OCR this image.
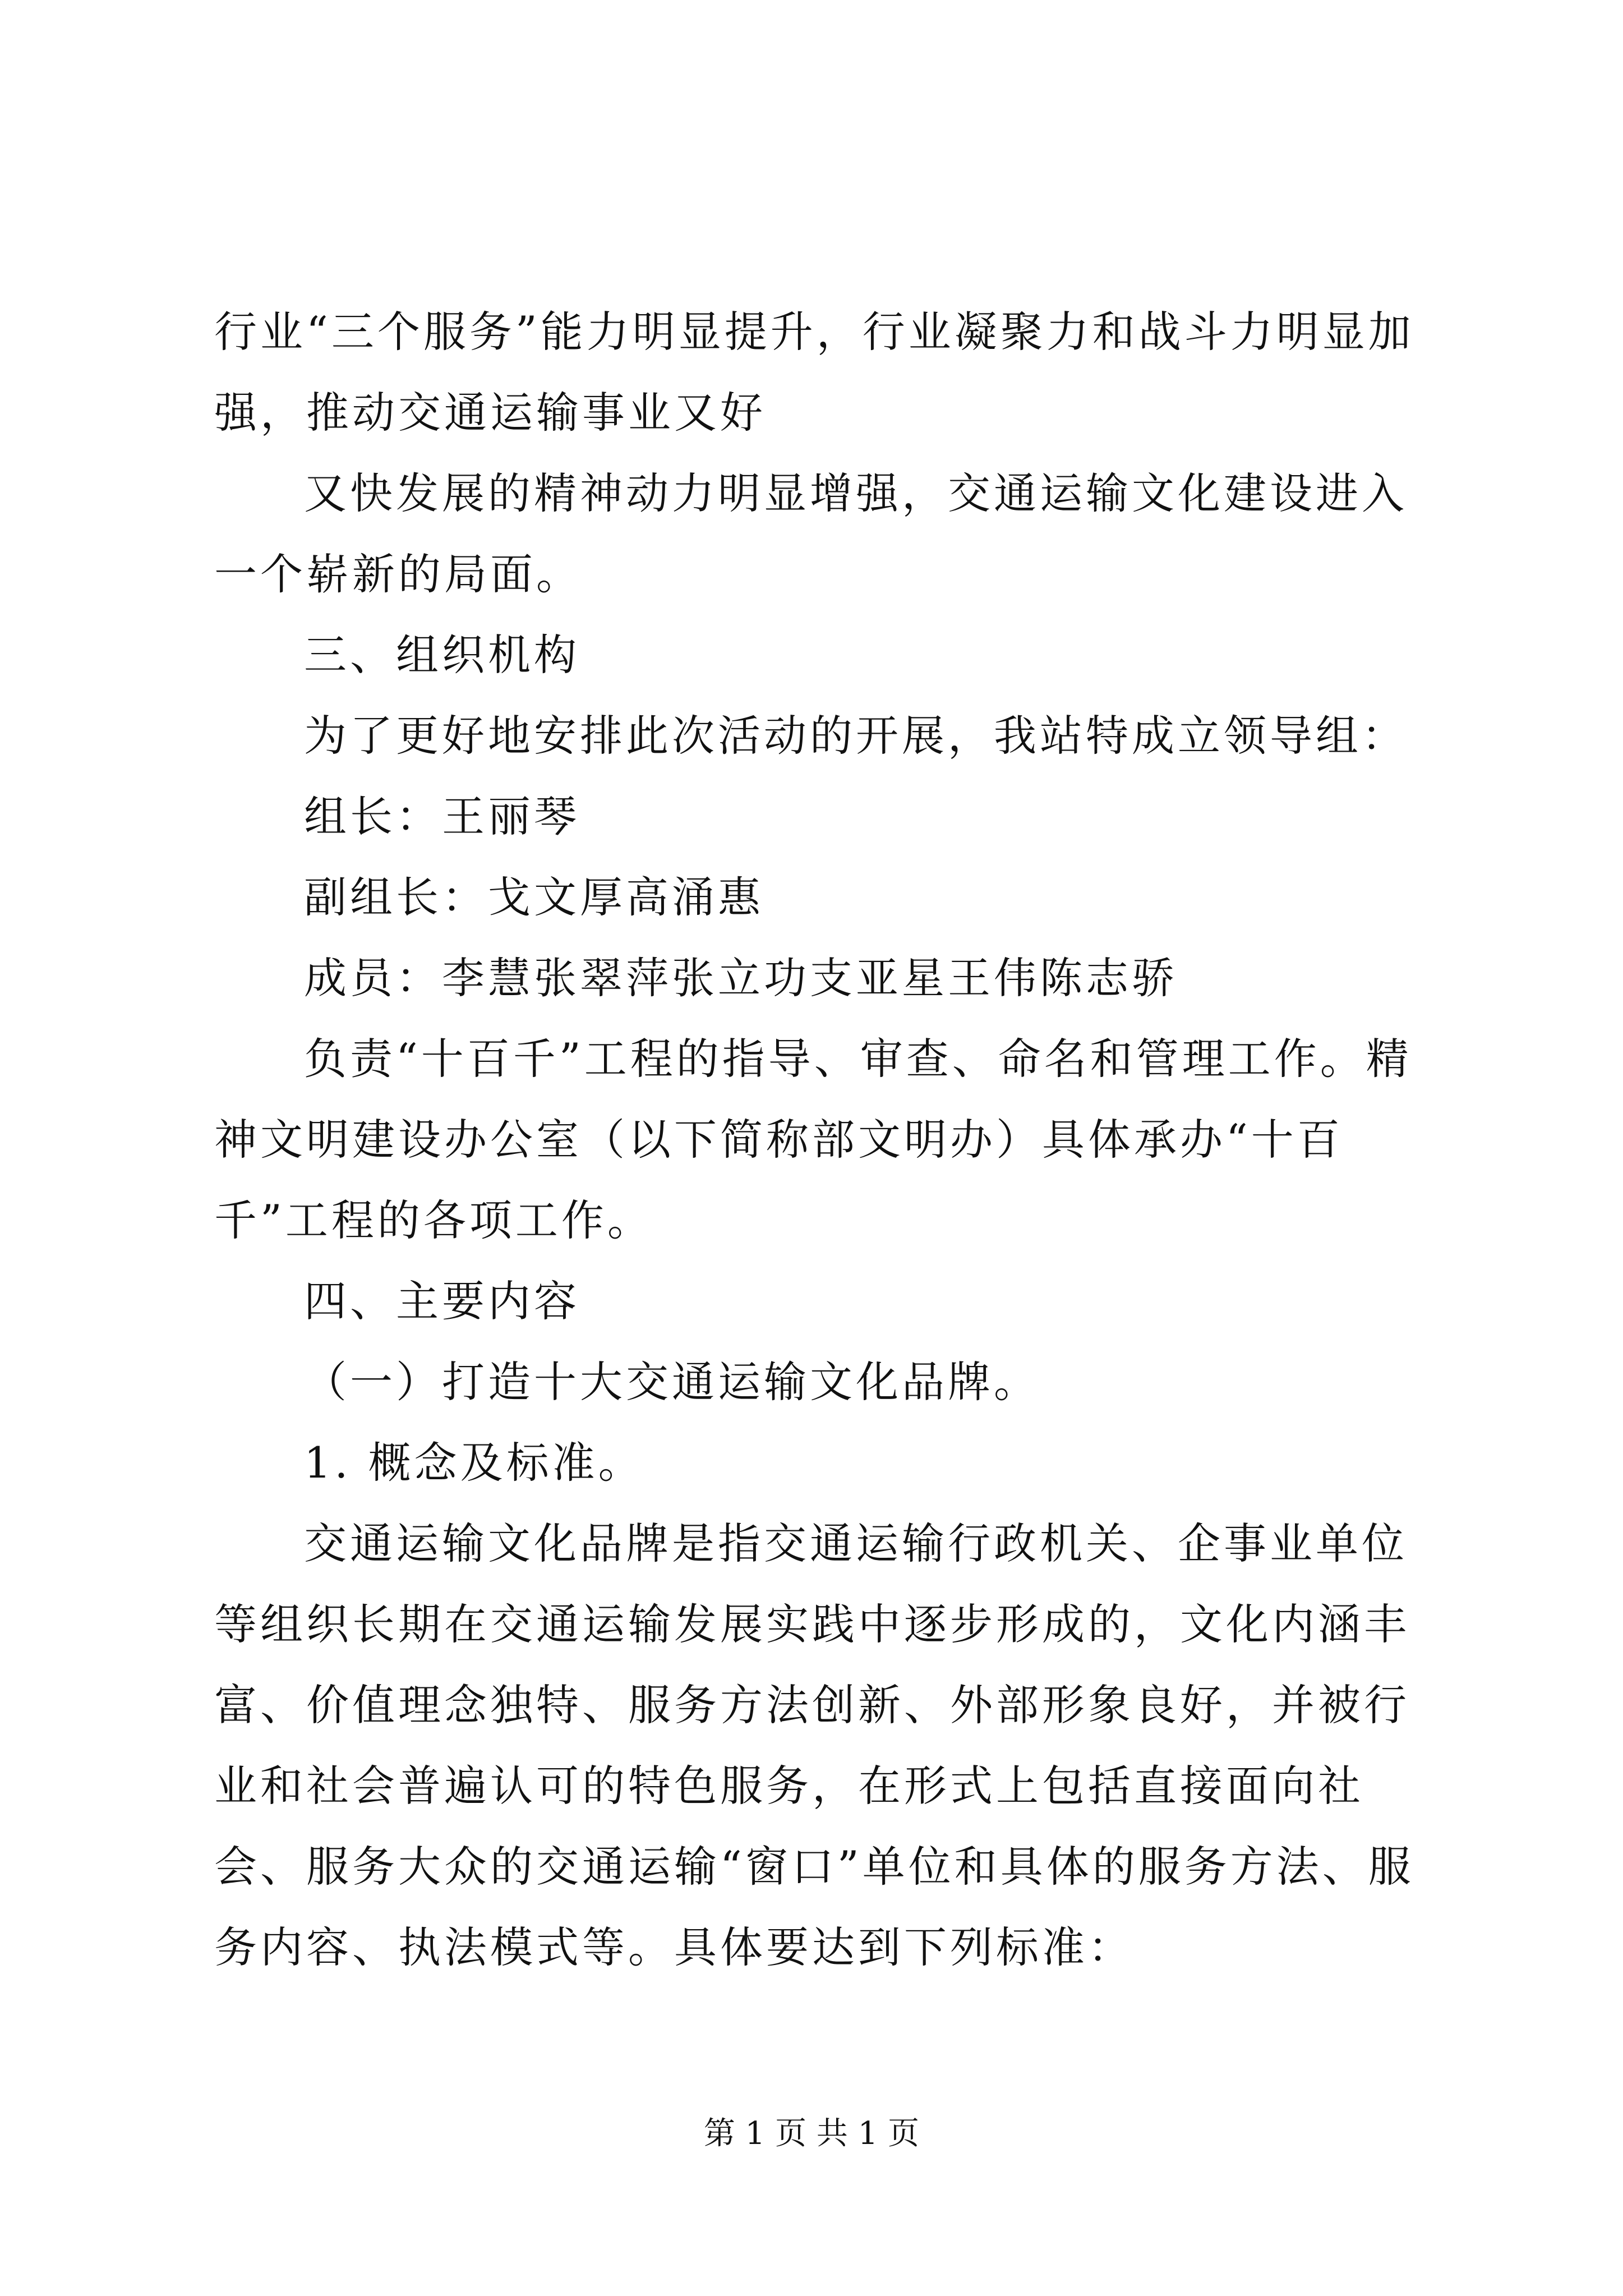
行业“三个服务”能力明显提升，行业凝聚力和战斗力明显加强，推动交通运输事业又好

又快发展的精神动力明显增强，交通运输文化建设进入一个崭新的局面。

三、组织机构

为了更好地安排此次活动的开展，我站特成立领导组：

组长：王丽琴

副组长：戈文厚高涌惠

成员：李慧张翠萍张立功支亚星王伟陈志骄

负责“十百千”工程的指导、审查、命名和管理工作。精神文明建设办公室（以下简称部文明办）具体承办“十百千”工程的各项工作。

四、主要内容

（一）打造十大交通运输文化品牌。

1. 概念及标准。

交通运输文化品牌是指交通运输行政机关、企事业单位等组织长期在交通运输发展实践中逐步形成的，文化内涵丰富、价值理念独特、服务方法创新、外部形象良好，并被行业和社会普遍认可的特色服务，在形式上包括直接面向社会、服务大众的交通运输“窗口”单位和具体的服务方法、服务内容、执法模式等。具体要达到下列标准：

第 1 页 共 1 页
